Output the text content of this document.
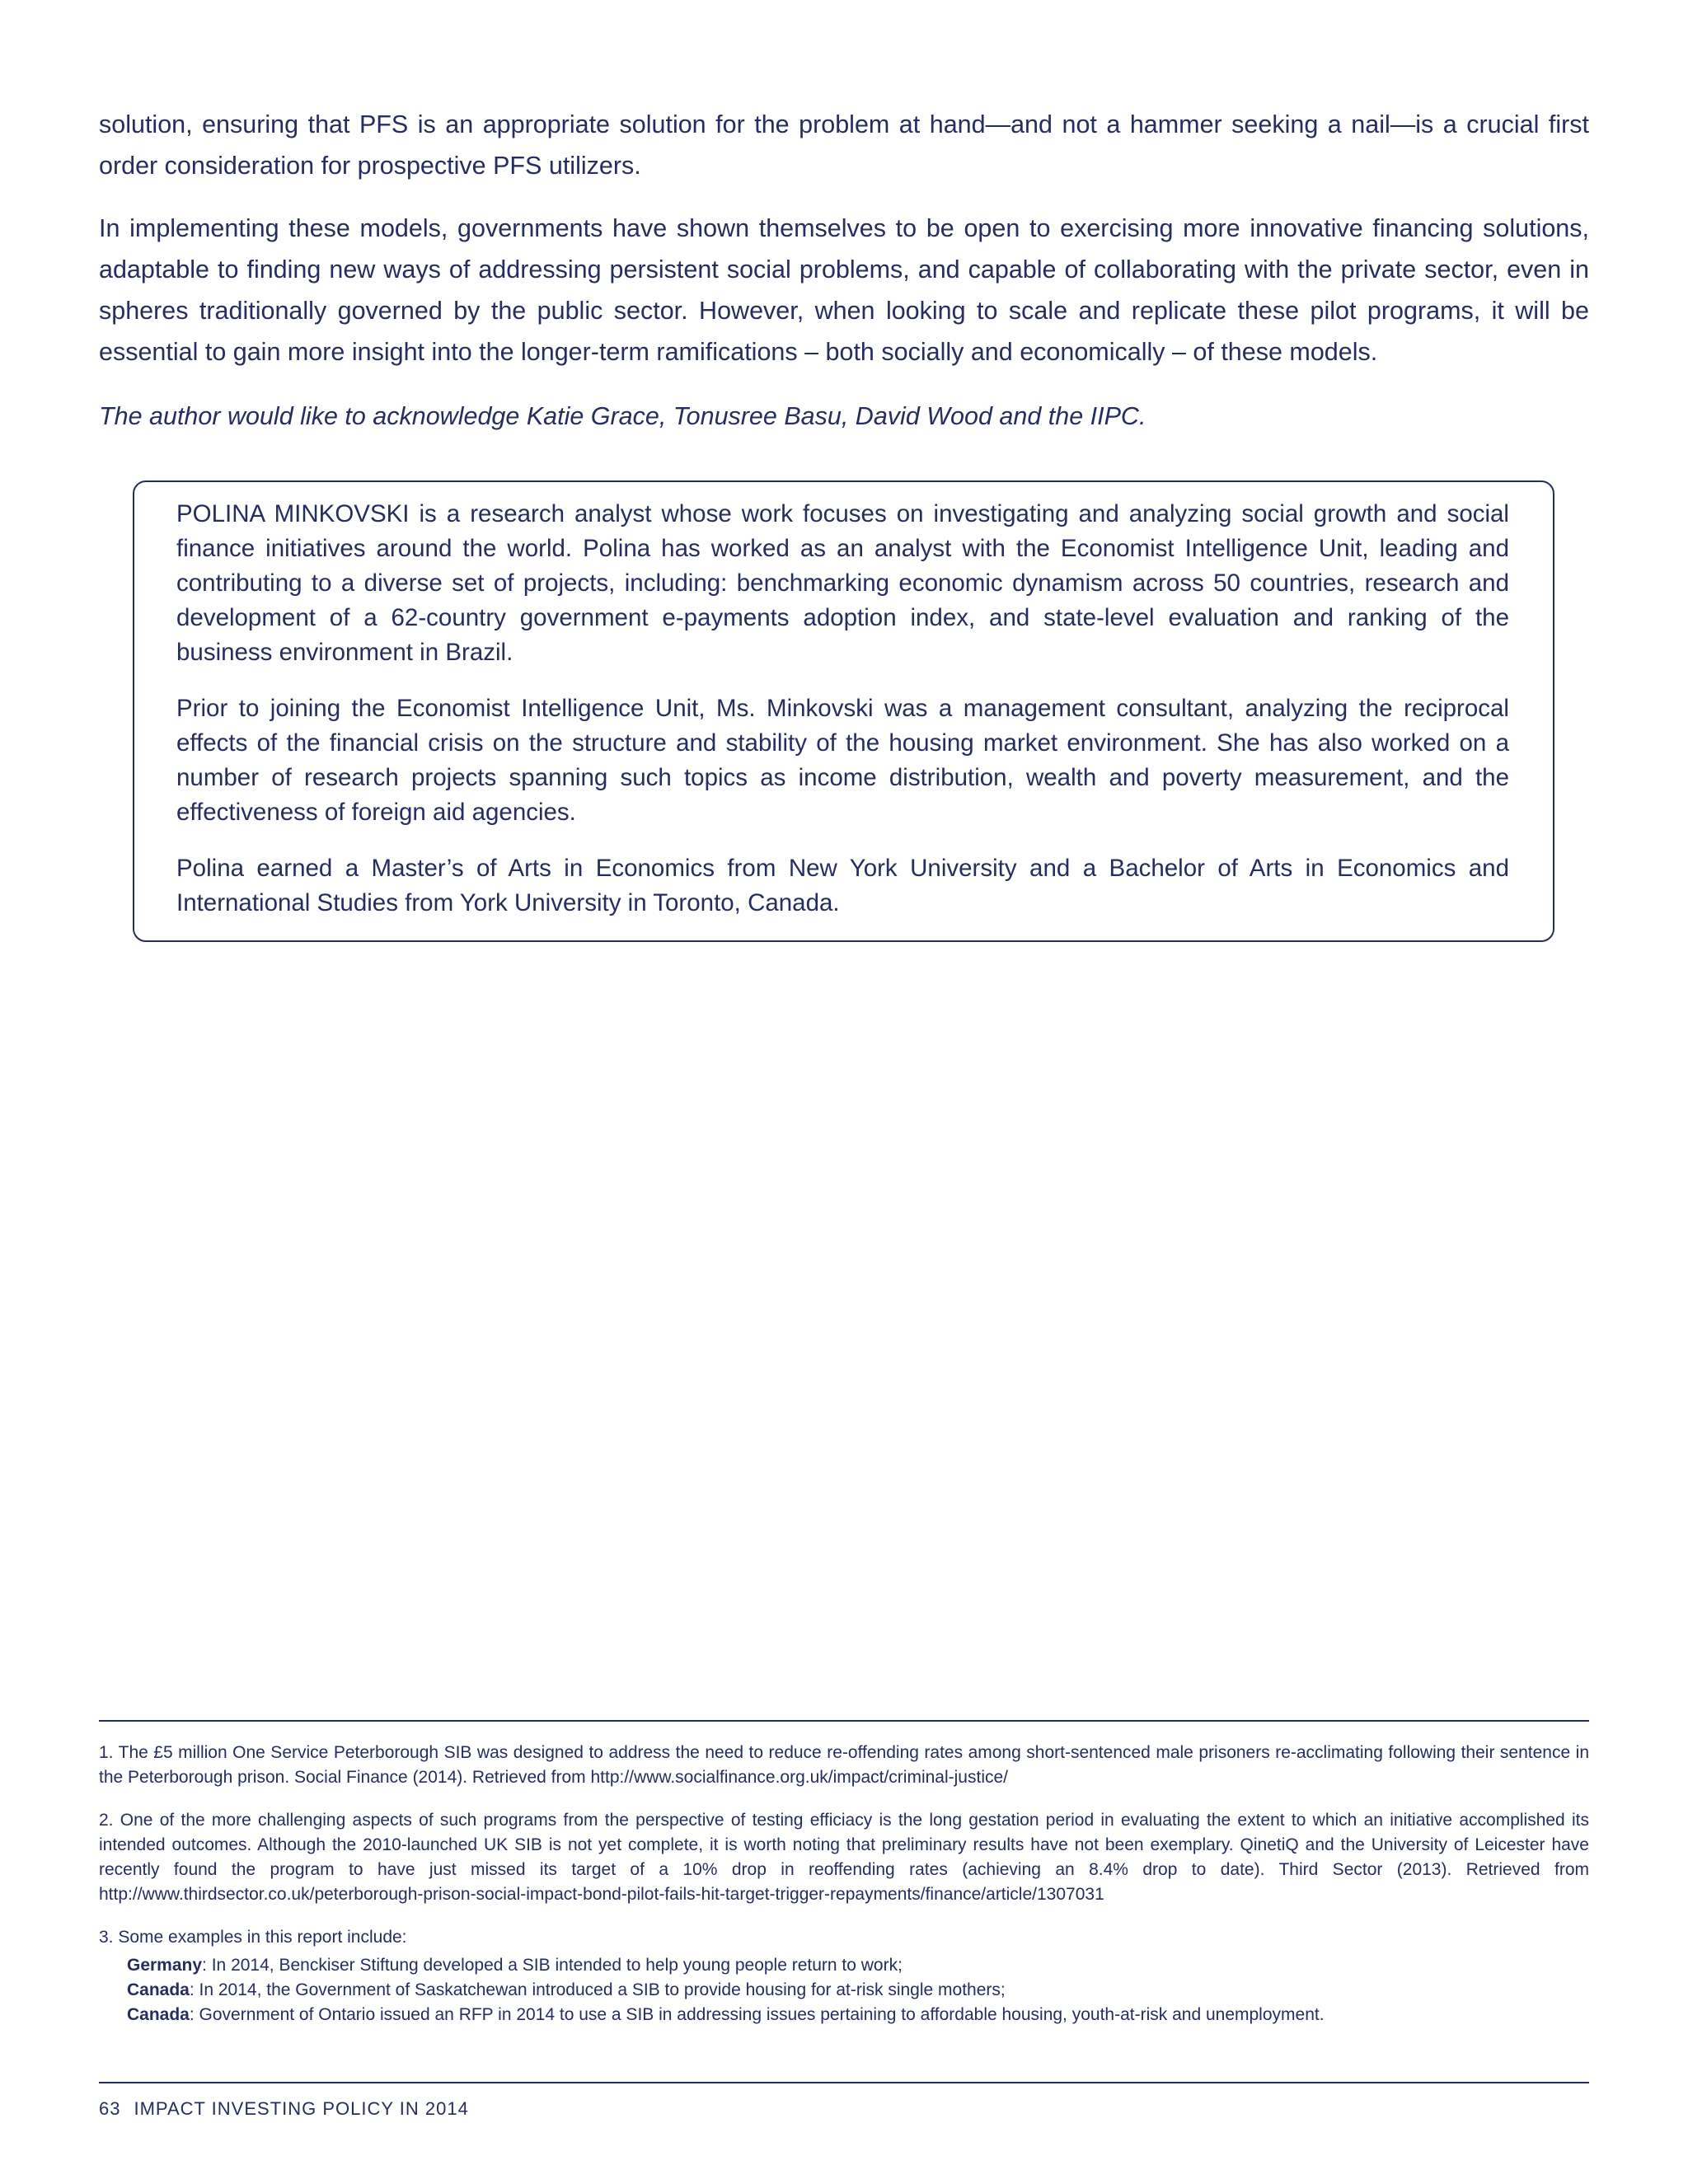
solution, ensuring that PFS is an appropriate solution for the problem at hand—and not a hammer seeking a nail—is a crucial first order consideration for prospective PFS utilizers.

In implementing these models, governments have shown themselves to be open to exercising more innovative financing solutions, adaptable to finding new ways of addressing persistent social problems, and capable of collaborating with the private sector, even in spheres traditionally governed by the public sector. However, when looking to scale and replicate these pilot programs, it will be essential to gain more insight into the longer-term ramifications – both socially and economically – of these models.

The author would like to acknowledge Katie Grace, Tonusree Basu, David Wood and the IIPC.

POLINA MINKOVSKI is a research analyst whose work focuses on investigating and analyzing social growth and social finance initiatives around the world. Polina has worked as an analyst with the Economist Intelligence Unit, leading and contributing to a diverse set of projects, including: benchmarking economic dynamism across 50 countries, research and development of a 62-country government e-payments adoption index, and state-level evaluation and ranking of the business environment in Brazil.

Prior to joining the Economist Intelligence Unit, Ms. Minkovski was a management consultant, analyzing the reciprocal effects of the financial crisis on the structure and stability of the housing market environment. She has also worked on a number of research projects spanning such topics as income distribution, wealth and poverty measurement, and the effectiveness of foreign aid agencies.

Polina earned a Master’s of Arts in Economics from New York University and a Bachelor of Arts in Economics and International Studies from York University in Toronto, Canada.

1. The £5 million One Service Peterborough SIB was designed to address the need to reduce re-offending rates among short-sentenced male prisoners re-acclimating following their sentence in the Peterborough prison. Social Finance (2014). Retrieved from http://www.socialfinance.org.uk/impact/criminal-justice/

2. One of the more challenging aspects of such programs from the perspective of testing efficiacy is the long gestation period in evaluating the extent to which an initiative accomplished its intended outcomes. Although the 2010-launched UK SIB is not yet complete, it is worth noting that preliminary results have not been exemplary. QinetiQ and the University of Leicester have recently found the program to have just missed its target of a 10% drop in reoffending rates (achieving an 8.4% drop to date). Third Sector (2013). Retrieved from http://www.thirdsector.co.uk/peterborough-prison-social-impact-bond-pilot-fails-hit-target-trigger-repayments/finance/article/1307031

3. Some examples in this report include:

Germany: In 2014, Benckiser Stiftung developed a SIB intended to help young people return to work;

Canada: In 2014, the Government of Saskatchewan introduced a SIB to provide housing for at-risk single mothers;

Canada: Government of Ontario issued an RFP in 2014 to use a SIB in addressing issues pertaining to affordable housing, youth-at-risk and unemployment.

63 IMPACT INVESTING POLICY IN 2014
